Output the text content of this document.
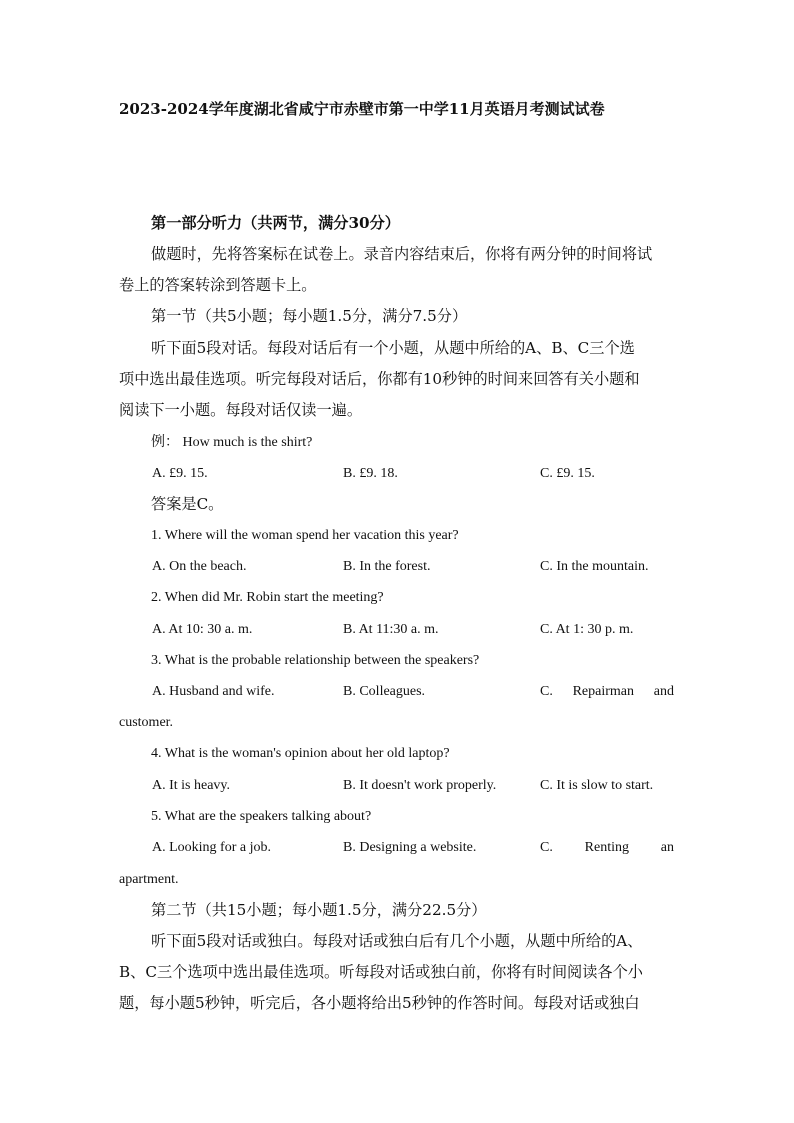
2023-2024学年度湖北省咸宁市赤壁市第一中学11月英语月考测试试卷
第一部分听力（共两节，满分30分）
做题时，先将答案标在试卷上。录音内容结束后，你将有两分钟的时间将试
卷上的答案转涂到答题卡上。
第一节（共5小题；每小题1.5分，满分7.5分）
听下面5段对话。每段对话后有一个小题，从题中所给的A、B、C三个选
项中选出最佳选项。听完每段对话后，你都有10秒钟的时间来回答有关小题和
阅读下一小题。每段对话仅读一遍。
例： How much is the shirt?
A. £9. 15.	B. £9. 18.	C. £9. 15.
答案是C。
1. Where will the woman spend her vacation this year?
A. On the beach.	B. In the forest.	C. In the mountain.
2. When did Mr. Robin start the meeting?
A. At 10: 30 a. m.	B. At 11:30 a. m.	C. At 1: 30 p. m.
3. What is the probable relationship between the speakers?
A. Husband and wife.	B. Colleagues.	C. Repairman and
customer.
4. What is the woman's opinion about her old laptop?
A. It is heavy.	B. It doesn't work properly.	C. It is slow to start.
5. What are the speakers talking about?
A. Looking for a job.	B. Designing a website.	C. Renting an
apartment.
第二节（共15小题；每小题1.5分，满分22.5分）
听下面5段对话或独白。每段对话或独白后有几个小题，从题中所给的A、
B、C三个选项中选出最佳选项。听每段对话或独白前，你将有时间阅读各个小
题，每小题5秒钟，听完后，各小题将给出5秒钟的作答时间。每段对话或独白
